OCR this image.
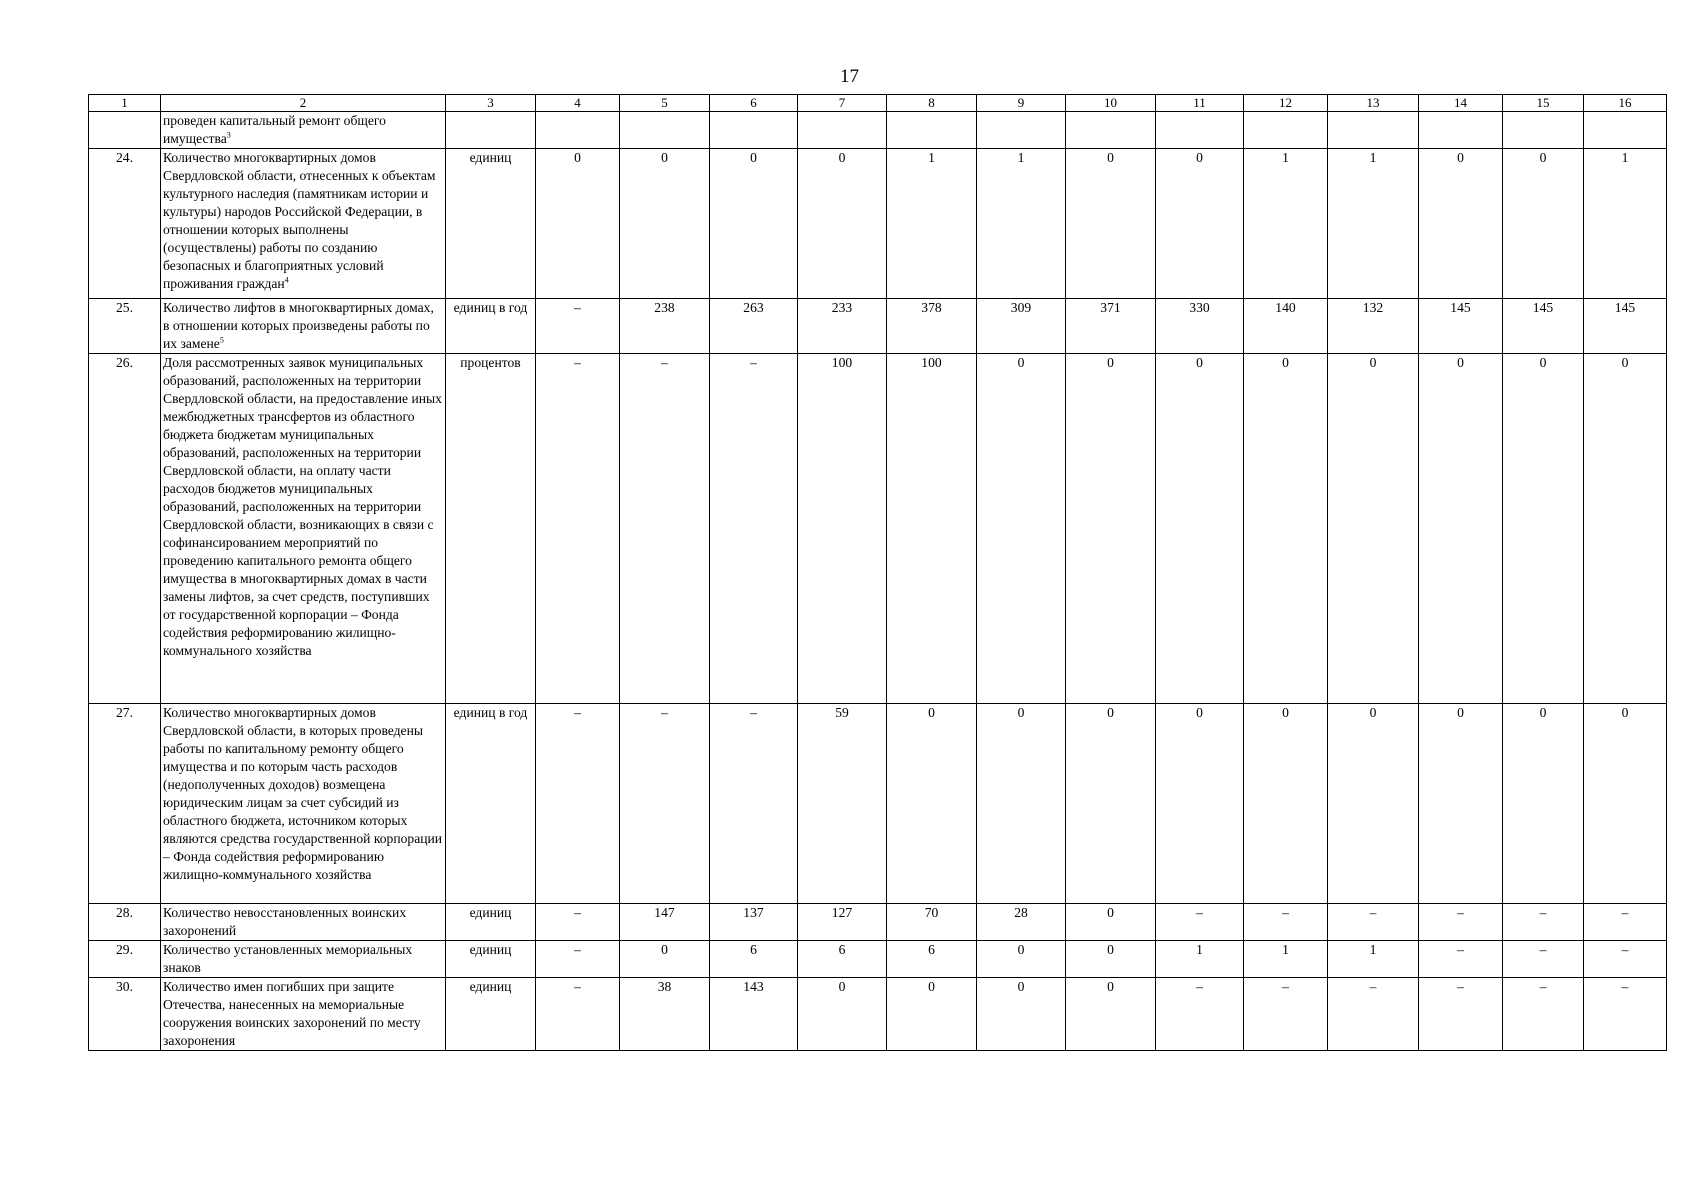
17
1	2	3	4	5	6	7	8	9	10	11	12	13	14	15	16
	проведен капитальный ремонт общего имущества$^3$														
24.	Количество многоквартирных домов Свердловской области, отнесенных к объектам культурного наследия (памятникам истории и культуры) народов Российской Федерации, в отношении которых выполнены (осуществлены) работы по созданию безопасных и благоприятных условий проживания граждан$^4$	единиц	0	0	0	0	1	1	0	0	1	1	0	0	1
25.	Количество лифтов в многоквартирных домах, в отношении которых произведены работы по их замене$^5$	единиц в год	–	238	263	233	378	309	371	330	140	132	145	145	145
26.	Доля рассмотренных заявок муниципальных образований, расположенных на территории Свердловской области, на предоставление иных межбюджетных трансфертов из областного бюджета бюджетам муниципальных образований, расположенных на территории Свердловской области, на оплату части расходов бюджетов муниципальных образований, расположенных на территории Свердловской области, возникающих в связи с софинансированием мероприятий по проведению капитального ремонта общего имущества в многоквартирных домах в части замены лифтов, за счет средств, поступивших от государственной корпорации – Фонда содействия реформированию жилищно-коммунального хозяйства	процентов	–	–	–	100	100	0	0	0	0	0	0	0	0
27.	Количество многоквартирных домов Свердловской области, в которых проведены работы по капитальному ремонту общего имущества и по которым часть расходов (недополученных доходов) возмещена юридическим лицам за счет субсидий из областного бюджета, источником которых являются средства государственной корпорации – Фонда содействия реформированию жилищно-коммунального хозяйства	единиц в год	–	–	–	59	0	0	0	0	0	0	0	0	0
28.	Количество невосстановленных воинских захоронений	единиц	–	147	137	127	70	28	0	–	–	–	–	–	–
29.	Количество установленных мемориальных знаков	единиц	–	0	6	6	6	0	0	1	1	1	–	–	–
30.	Количество имен погибших при защите Отечества, нанесенных на мемориальные сооружения воинских захоронений по месту захоронения	единиц	–	38	143	0	0	0	0	–	–	–	–	–	–
